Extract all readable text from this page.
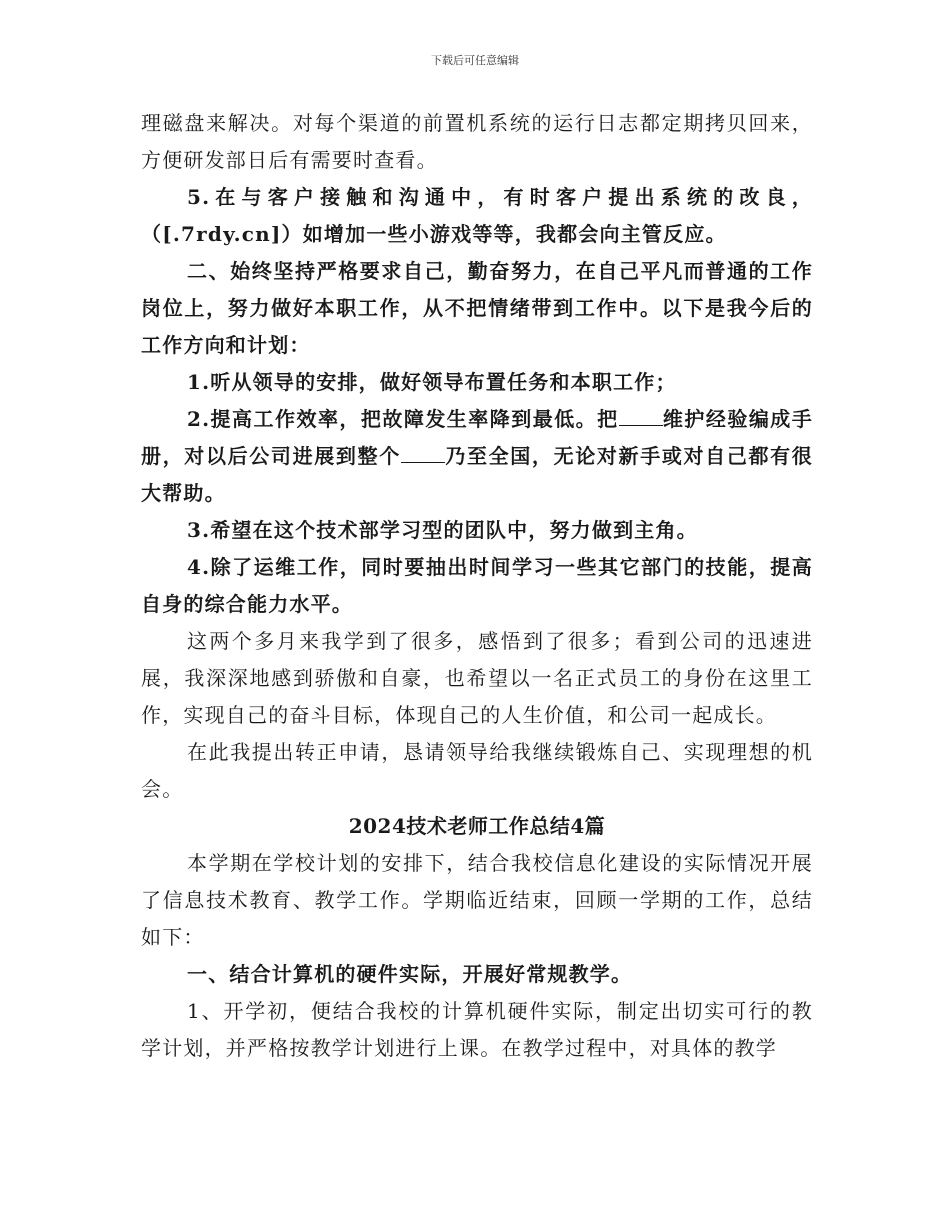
下载后可任意编辑

理磁盘来解决。对每个渠道的前置机系统的运行日志都定期拷贝回来，方便研发部日后有需要时查看。

5.在与客户接触和沟通中，有时客户提出系统的改良，（[.7rdy.cn]）如增加一些小游戏等等，我都会向主管反应。

二、始终坚持严格要求自己，勤奋努力，在自己平凡而普通的工作岗位上，努力做好本职工作，从不把情绪带到工作中。以下是我今后的工作方向和计划：

1.听从领导的安排，做好领导布置任务和本职工作；

2.提高工作效率，把故障发生率降到最低。把 维护经验编成手册，对以后公司进展到整个 乃至全国，无论对新手或对自己都有很大帮助。

3.希望在这个技术部学习型的团队中，努力做到主角。

4.除了运维工作，同时要抽出时间学习一些其它部门的技能，提高自身的综合能力水平。

这两个多月来我学到了很多，感悟到了很多；看到公司的迅速进展，我深深地感到骄傲和自豪，也希望以一名正式员工的身份在这里工作，实现自己的奋斗目标，体现自己的人生价值，和公司一起成长。

在此我提出转正申请，恳请领导给我继续锻炼自己、实现理想的机会。

2024技术老师工作总结4篇

本学期在学校计划的安排下，结合我校信息化建设的实际情况开展了信息技术教育、教学工作。学期临近结束，回顾一学期的工作，总结如下：

一、结合计算机的硬件实际，开展好常规教学。

1、开学初，便结合我校的计算机硬件实际，制定出切实可行的教学计划，并严格按教学计划进行上课。在教学过程中，对具体的教学
